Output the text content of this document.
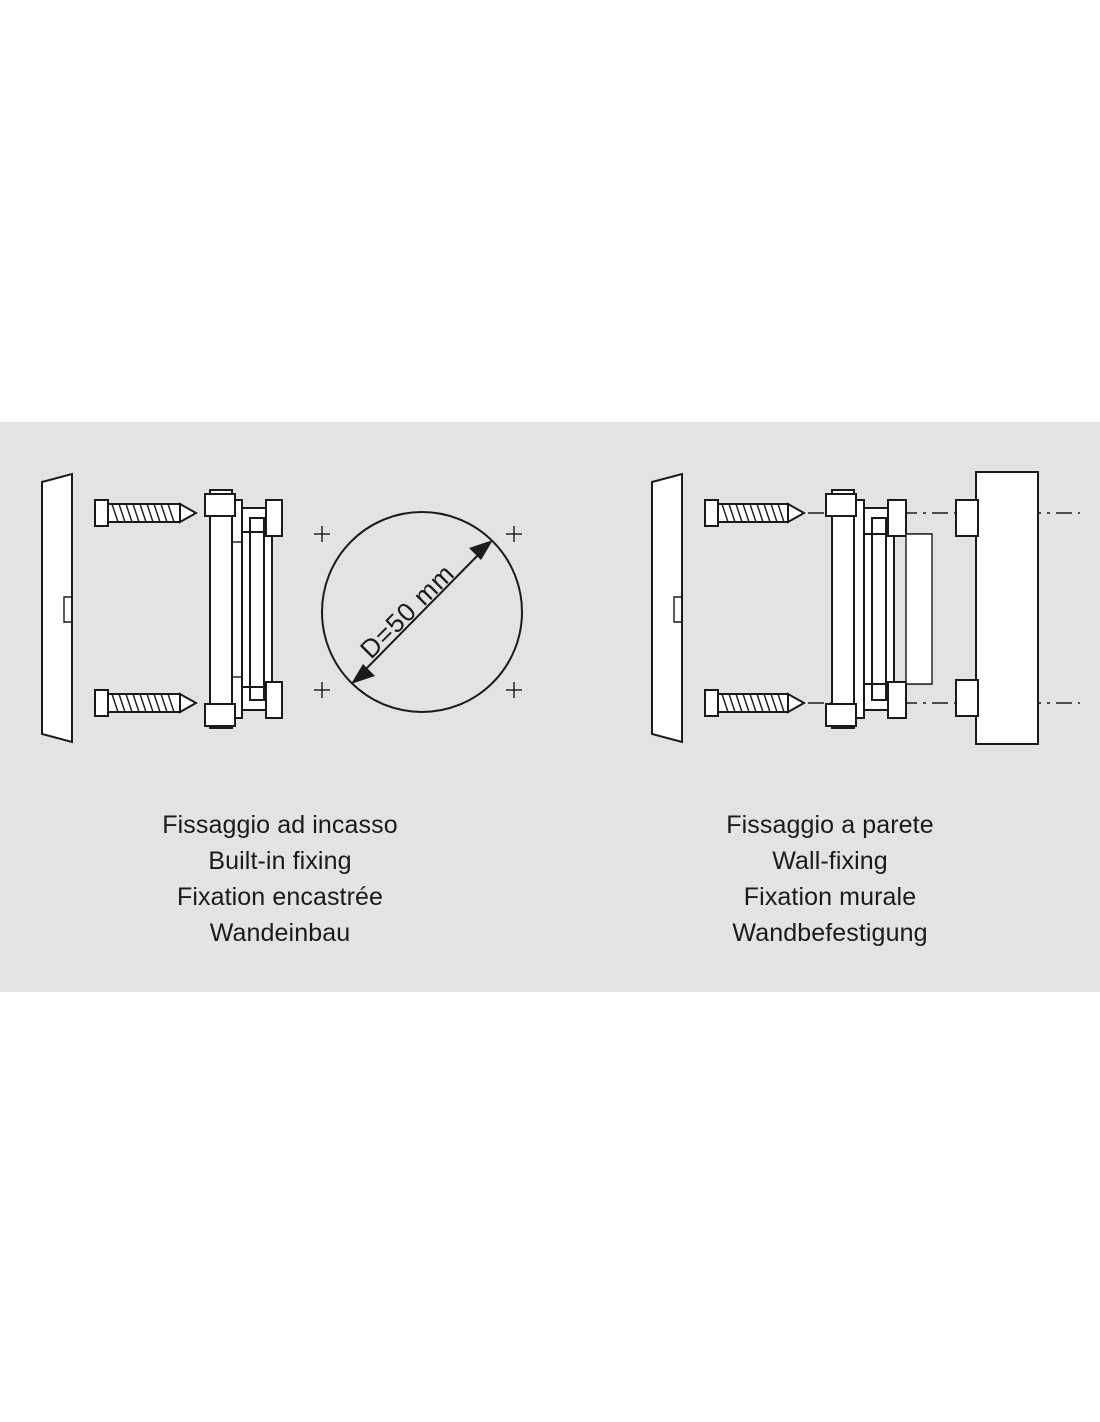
D=50 mm
Fissaggio ad incasso
Built-in fixing
Fixation encastrée
Wandeinbau
Fissaggio a parete
Wall-fixing
Fixation murale
Wandbefestigung
